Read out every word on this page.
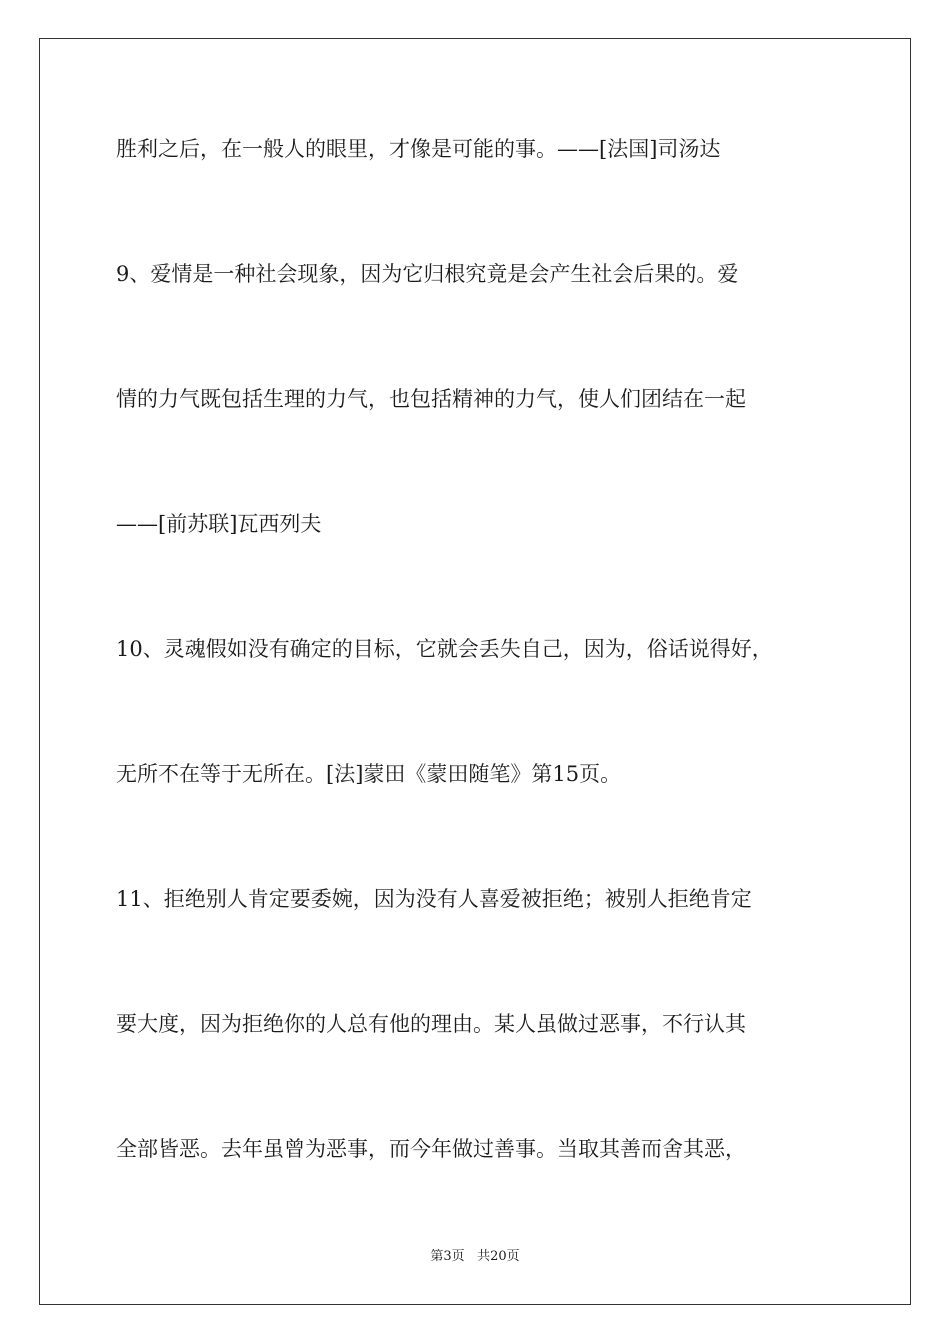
胜利之后，在一般人的眼里，才像是可能的事。——[法国]司汤达
9、爱情是一种社会现象，因为它归根究竟是会产生社会后果的。爱
情的力气既包括生理的力气，也包括精神的力气，使人们团结在一起
——[前苏联]瓦西列夫
10、灵魂假如没有确定的目标，它就会丢失自己，因为，俗话说得好，
无所不在等于无所在。[法]蒙田《蒙田随笔》第15页。
11、拒绝别人肯定要委婉，因为没有人喜爱被拒绝；被别人拒绝肯定
要大度，因为拒绝你的人总有他的理由。某人虽做过恶事，不行认其
全部皆恶。去年虽曾为恶事，而今年做过善事。当取其善而舍其恶，
第3页 共20页
